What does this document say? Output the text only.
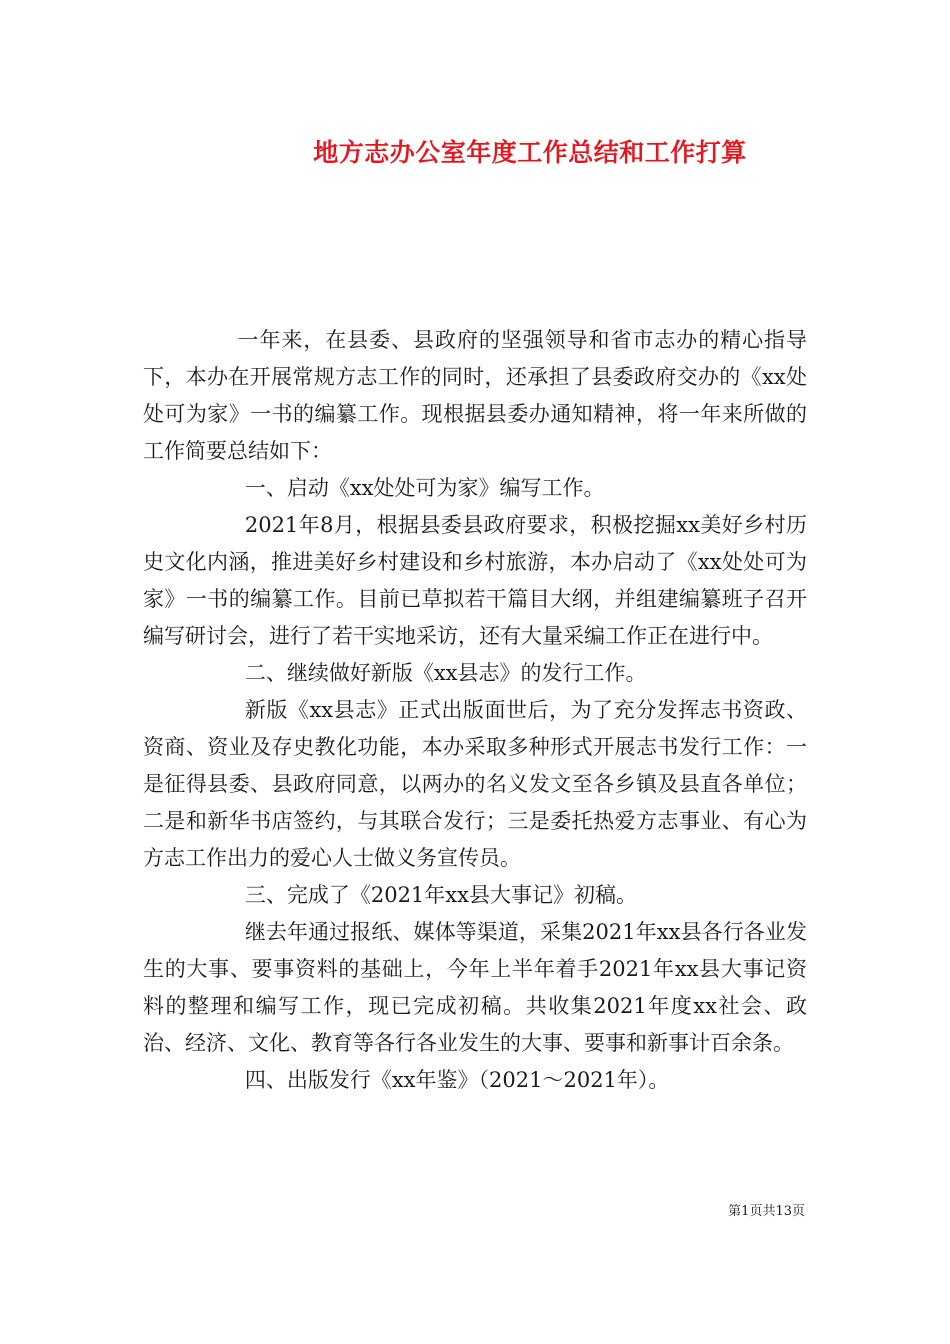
地方志办公室年度工作总结和工作打算

一年来，在县委、县政府的坚强领导和省市志办的精心指导下，本办在开展常规方志工作的同时，还承担了县委政府交办的《xx处处可为家》一书的编纂工作。现根据县委办通知精神，将一年来所做的工作简要总结如下：

一、启动《xx处处可为家》编写工作。

2021年8月，根据县委县政府要求，积极挖掘xx美好乡村历史文化内涵，推进美好乡村建设和乡村旅游，本办启动了《xx处处可为家》一书的编纂工作。目前已草拟若干篇目大纲，并组建编纂班子召开编写研讨会，进行了若干实地采访，还有大量采编工作正在进行中。

二、继续做好新版《xx县志》的发行工作。

新版《xx县志》正式出版面世后，为了充分发挥志书资政、资商、资业及存史教化功能，本办采取多种形式开展志书发行工作：一是征得县委、县政府同意，以两办的名义发文至各乡镇及县直各单位；二是和新华书店签约，与其联合发行；三是委托热爱方志事业、有心为方志工作出力的爱心人士做义务宣传员。

三、完成了《2021年xx县大事记》初稿。

继去年通过报纸、媒体等渠道，采集2021年xx县各行各业发生的大事、要事资料的基础上，今年上半年着手2021年xx县大事记资料的整理和编写工作，现已完成初稿。共收集2021年度xx社会、政治、经济、文化、教育等各行各业发生的大事、要事和新事计百余条。

四、出版发行《xx年鉴》（2021～2021年）。

第1页共13页
